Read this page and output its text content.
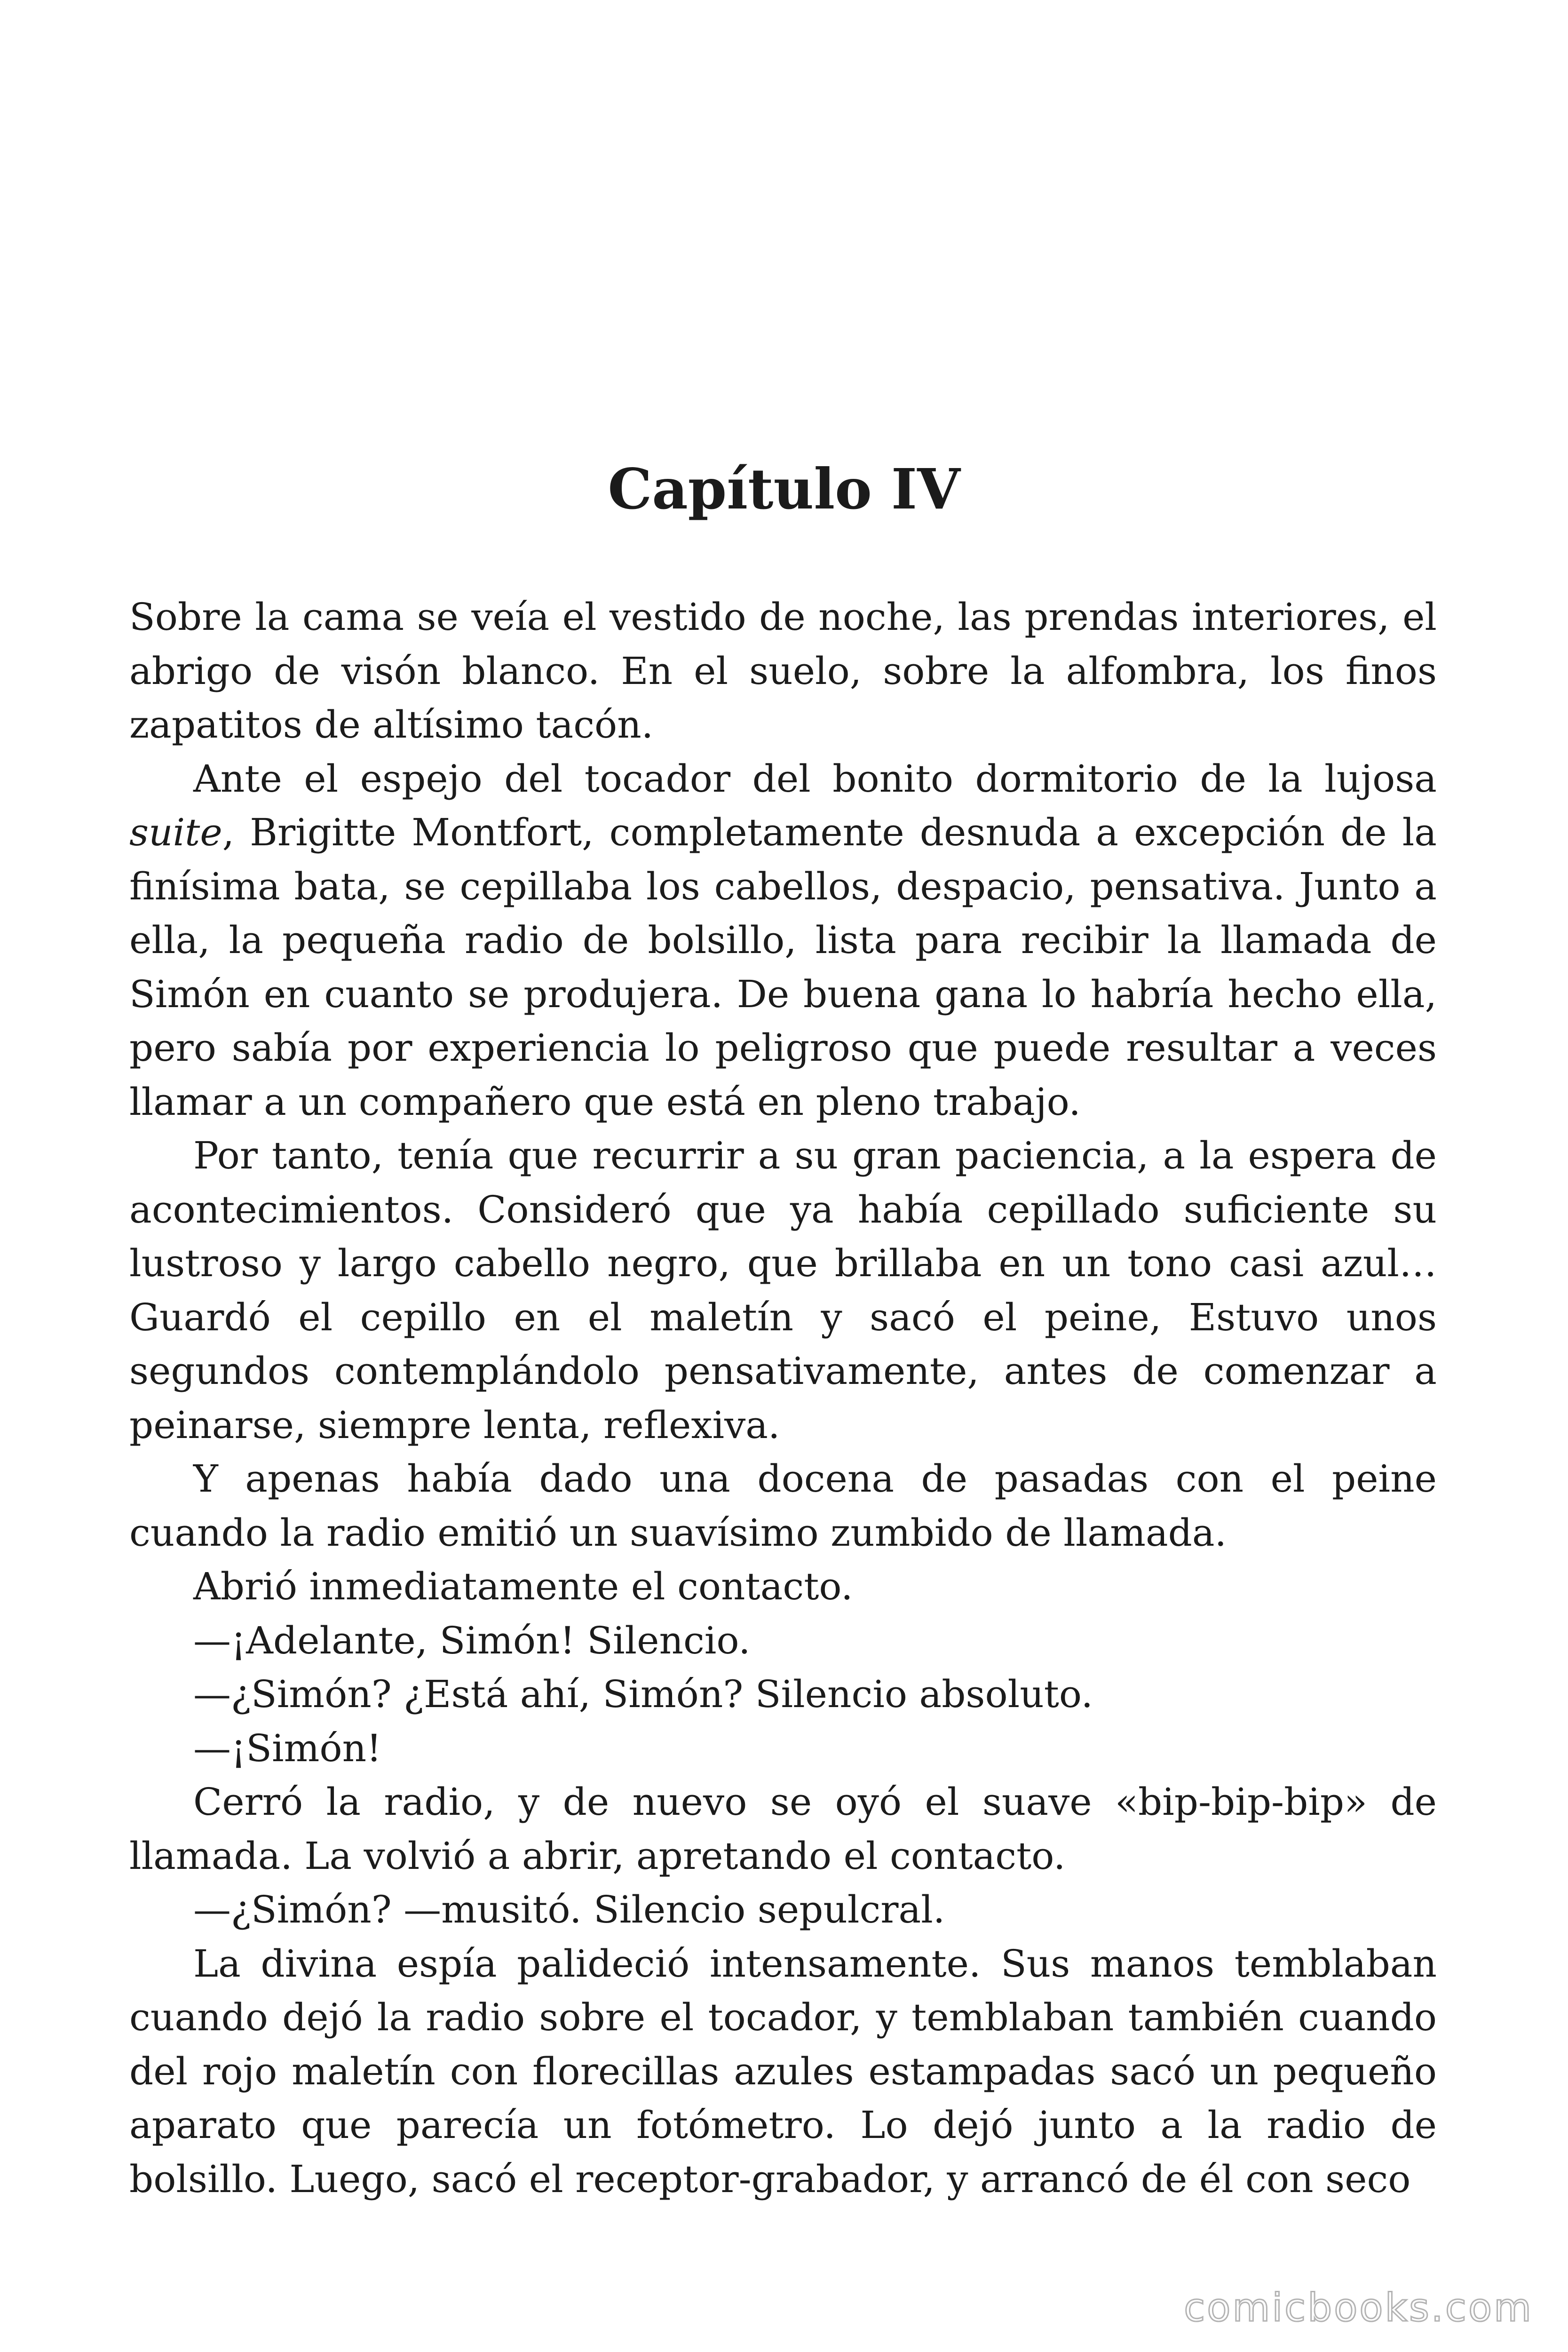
Capítulo IV

Sobre la cama se veía el vestido de noche, las prendas interiores, el abrigo de visón blanco. En el suelo, sobre la alfombra, los finos zapatitos de altísimo tacón.

Ante el espejo del tocador del bonito dormitorio de la lujosa suite, Brigitte Montfort, completamente desnuda a excepción de la finísima bata, se cepillaba los cabellos, despacio, pensativa. Junto a ella, la pequeña radio de bolsillo, lista para recibir la llamada de Simón en cuanto se produjera. De buena gana lo habría hecho ella, pero sabía por experiencia lo peligroso que puede resultar a veces llamar a un compañero que está en pleno trabajo.

Por tanto, tenía que recurrir a su gran paciencia, a la espera de acontecimientos. Consideró que ya había cepillado suficiente su lustroso y largo cabello negro, que brillaba en un tono casi azul… Guardó el cepillo en el maletín y sacó el peine, Estuvo unos segundos contemplándolo pensativamente, antes de comenzar a peinarse, siempre lenta, reflexiva.

Y apenas había dado una docena de pasadas con el peine cuando la radio emitió un suavísimo zumbido de llamada.

Abrió inmediatamente el contacto.

—¡Adelante, Simón! Silencio.

—¿Simón? ¿Está ahí, Simón? Silencio absoluto.

—¡Simón!

Cerró la radio, y de nuevo se oyó el suave «bip-bip-bip» de llamada. La volvió a abrir, apretando el contacto.

—¿Simón? —musitó. Silencio sepulcral.

La divina espía palideció intensamente. Sus manos temblaban cuando dejó la radio sobre el tocador, y temblaban también cuando del rojo maletín con florecillas azules estampadas sacó un pequeño aparato que parecía un fotómetro. Lo dejó junto a la radio de bolsillo. Luego, sacó el receptor-grabador, y arrancó de él con seco

comicbooks.com
